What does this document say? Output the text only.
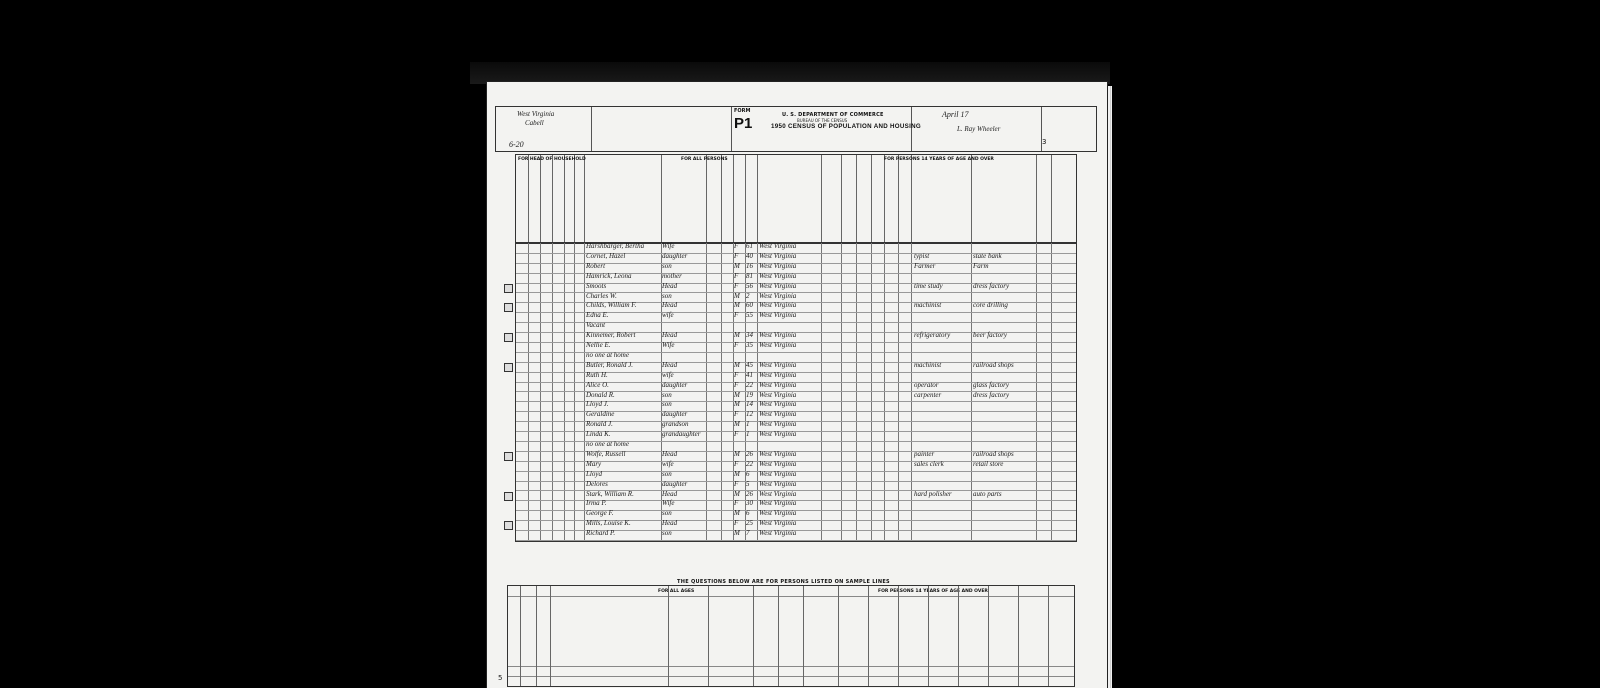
West Virginia
Cabell
6-20
FORM
P1	U. S. DEPARTMENT OF COMMERCE
BUREAU OF THE CENSUS
1950 CENSUS OF POPULATION AND HOUSING
April 17
L. Ray Wheeler
3
FOR HEAD OF HOUSEHOLD	FOR ALL PERSONS	FOR PERSONS 14 YEARS OF AGE AND OVER
Harshbarger, Bertha	Wife	F 61 West Virginia
Cornet, Hazel	daughter	F 40 West Virginia	typist	state bank
Robert	son	M 16 West Virginia	Farmer	Farm
Hamrick, Leona	mother	F 81 West Virginia
Smoots	Head	F 56 West Virginia	time study	dress factory
Charles W.	son	M 2 West Virginia
Childs, William F.	Head	M 60 West Virginia	machinist	core drilling
Edna E.	wife	F 55 West Virginia
Vacant
Kinnemer, Robert	Head	M 34 West Virginia	refrigeratory	beer factory
Nellie E.	Wife	F 35 West Virginia
no one at home
Butler, Ronald J.	Head	M 45 West Virginia	machinist	railroad shops
Ruth H.	wife	F 41 West Virginia
Alice O.	daughter	F 22 West Virginia	operator	glass factory
Donald R.	son	M 19 West Virginia	carpenter	dress factory
Lloyd J.	son	M 14 West Virginia
Geraldine	daughter	F 12 West Virginia
Ronald J.	grandson	M 1 West Virginia
Linda K.	grandaughter	F 1 West Virginia
no one at home
Wolfe, Russell	Head	M 26 West Virginia	painter	railroad shops
Mary	wife	F 22 West Virginia	sales clerk	retail store
Lloyd	son	M 6 West Virginia
Delores	daughter	F 5 West Virginia
Stark, William R.	Head	M 26 West Virginia	hard polisher	auto parts
Irma P.	Wife	F 30 West Virginia
George F.	son	M 6 West Virginia
Mills, Louise K.	Head	F 25 West Virginia
Richard P.	son	M 7 West Virginia
THE QUESTIONS BELOW ARE FOR PERSONS LISTED ON SAMPLE LINES
FOR ALL AGES	FOR PERSONS 14 YEARS OF AGE AND OVER
5
